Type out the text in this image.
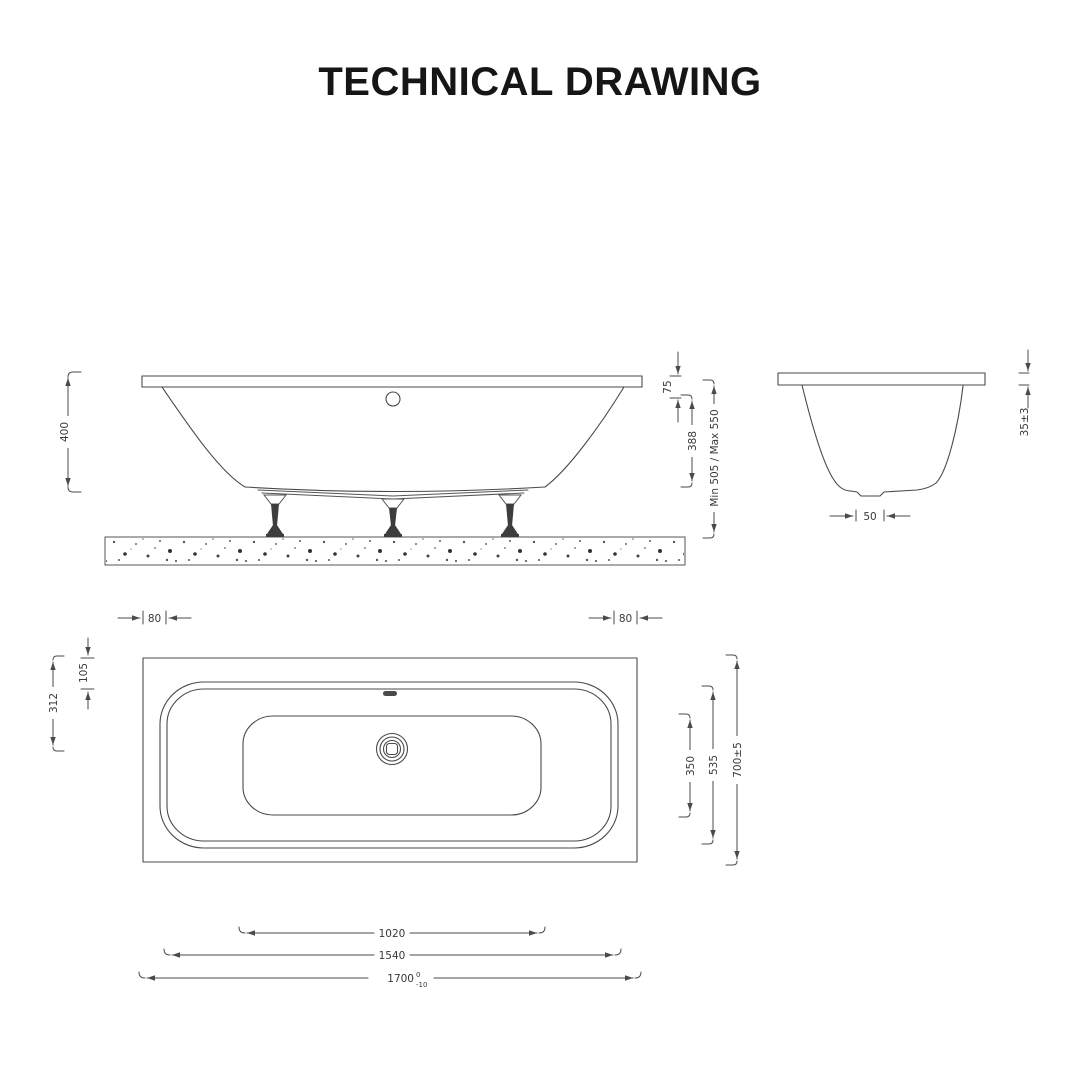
TECHNICAL DRAWING
400
75
388 Min 505 / Max 550
50
35±3
80	80
105
312
350 535 700±5
1020
1540
1700 0
-10
